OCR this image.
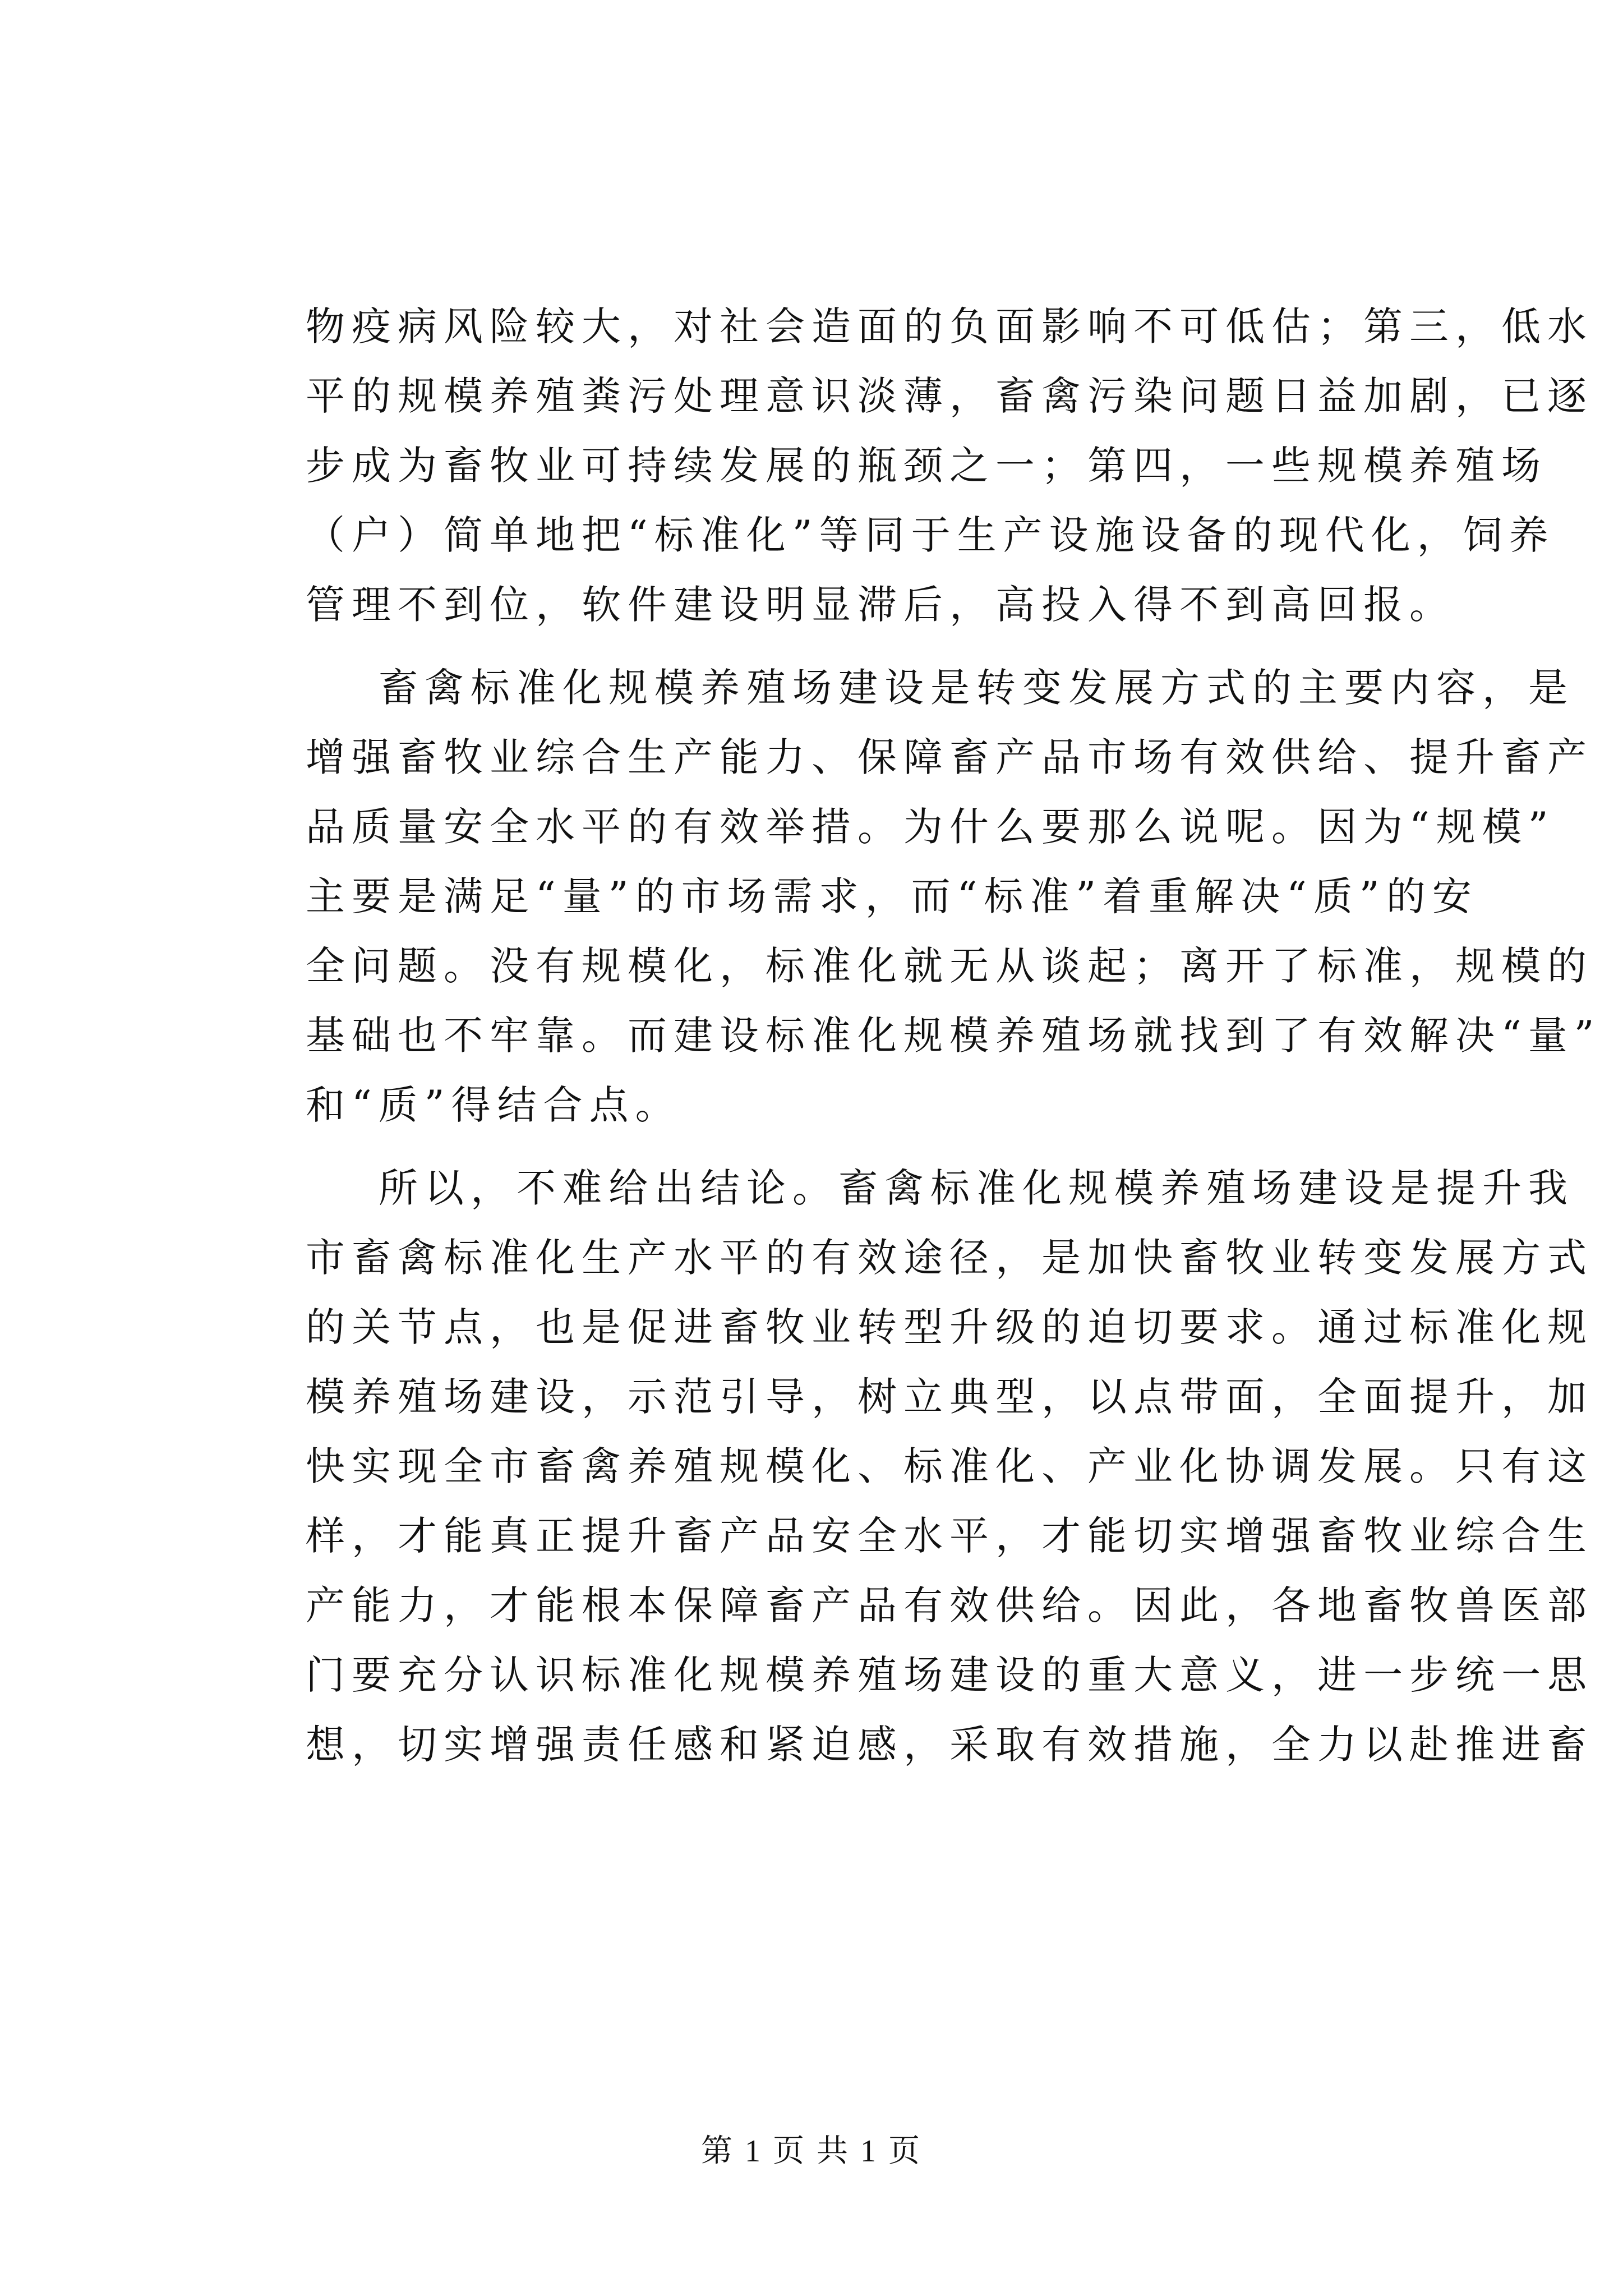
物疫病风险较大，对社会造面的负面影响不可低估；第三，低水
平的规模养殖粪污处理意识淡薄，畜禽污染问题日益加剧，已逐
步成为畜牧业可持续发展的瓶颈之一；第四，一些规模养殖场
（户）简单地把“标准化”等同于生产设施设备的现代化，饲养
管理不到位，软件建设明显滞后，高投入得不到高回报。
畜禽标准化规模养殖场建设是转变发展方式的主要内容，是
增强畜牧业综合生产能力、保障畜产品市场有效供给、提升畜产
品质量安全水平的有效举措。为什么要那么说呢。因为“规模”
主要是满足“量”的市场需求，而“标准”着重解决“质”的安
全问题。没有规模化，标准化就无从谈起；离开了标准，规模的
基础也不牢靠。而建设标准化规模养殖场就找到了有效解决“量”
和“质”得结合点。
所以，不难给出结论。畜禽标准化规模养殖场建设是提升我
市畜禽标准化生产水平的有效途径，是加快畜牧业转变发展方式
的关节点，也是促进畜牧业转型升级的迫切要求。通过标准化规
模养殖场建设，示范引导，树立典型，以点带面，全面提升，加
快实现全市畜禽养殖规模化、标准化、产业化协调发展。只有这
样，才能真正提升畜产品安全水平，才能切实增强畜牧业综合生
产能力，才能根本保障畜产品有效供给。因此，各地畜牧兽医部
门要充分认识标准化规模养殖场建设的重大意义，进一步统一思
想，切实增强责任感和紧迫感，采取有效措施，全力以赴推进畜
第 1 页 共 1 页
